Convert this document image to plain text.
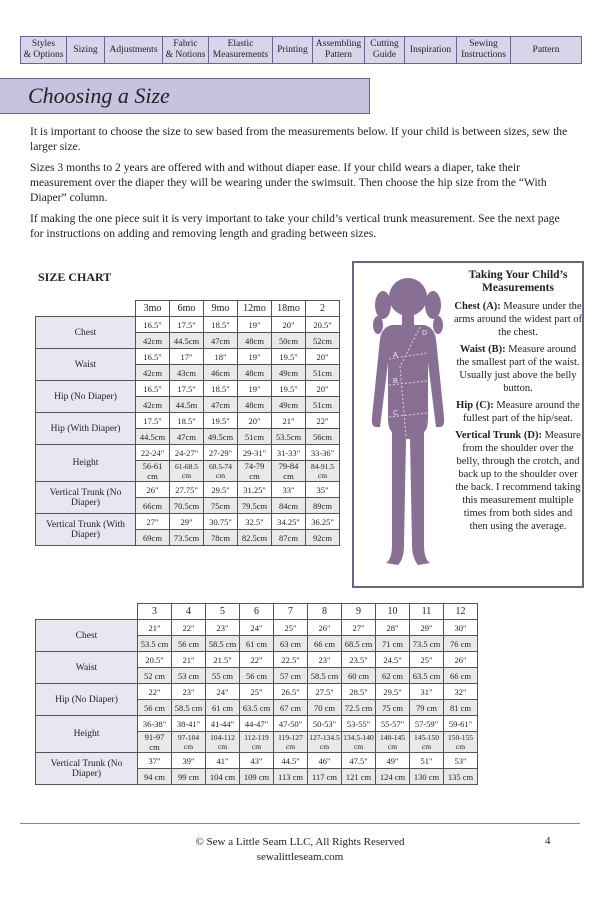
Styles
& Options
Sizing	Adjustments
Fabric
& Notions
Elastic
Measurements
Printing
Assembling
Pattern
Cutting
Guide
Inspiration
Sewing
Instructions
Pattern
Choosing a Size

It is important to choose the size to sew based from the measurements below. If your child is between sizes, sew the larger size.

Sizes 3 months to 2 years are offered with and without diaper ease. If your child wears a diaper, take their measurement over the diaper they will be wearing under the swimsuit. Then choose the hip size from the “With Diaper” column.

If making the one piece suit it is very important to take your child’s vertical trunk measurement. See the next page for instructions on adding and removing length and grading between sizes.

SIZE CHART
	3mo	6mo	9mo	12mo	18mo	2
Chest	16.5"	17.5"	18.5"	19"	20"	20.5"
	42cm	44.5cm	47cm	48cm	50cm	52cm
Waist	16.5"	17"	18"	19"	19.5"	20"
	42cm	43cm	46cm	48cm	49cm	51cm
Hip (No Diaper)	16.5"	17.5"	18.5"	19"	19.5"	20"
	42cm	44.5m	47cm	48cm	49cm	51cm
Hip (With Diaper)	17.5"	18.5"	19.5"	20"	21"	22"
	44.5cm	47cm	49.5cm	51cm	53.5cm	56cm
Height	22-24"	24-27"	27-29"	29-31"	31-33"	33-36"
	56-61 cm	61-68.5 cm	68.5-74 cm	74-79 cm	79-84 cm	84-91.5 cm
Vertical Trunk (No Diaper)	26"	27.75"	29.5"	31.25"	33"	35"
	66cm	70.5cm	75cm	79.5cm	84cm	89cm
Vertical Trunk (With Diaper)	27"	29"	30.75"	32.5"	34.25"	36.25"
	69cm	73.5cm	78cm	82.5cm	87cm	92cm
	3	4	5	6	7	8	9	10	11	12
Chest	21"	22"	23"	24"	25"	26"	27"	28"	29"	30"
	53.5 cm	56 cm	58.5 cm	61 cm	63 cm	66 cm	68.5 cm	71 cm	73.5 cm	76 cm
Waist	20.5"	21"	21.5"	22"	22.5"	23"	23.5"	24.5"	25"	26"
	52 cm	53 cm	55 cm	56 cm	57 cm	58.5 cm	60 cm	62 cm	63.5 cm	66 cm
Hip (No Diaper)	22"	23"	24"	25"	26.5"	27.5"	28.5"	29.5"	31"	32"
	56 cm	58.5 cm	61 cm	63.5 cm	67 cm	70 cm	72.5 cm	75 cm	79 cm	81 cm
Height	36-38"	38-41"	41-44"	44-47"	47-50"	50-53"	53-55"	55-57"	57-59"	59-61"
	91-97 cm	97-104 cm	104-112 cm	112-119 cm	119-127 cm	127-134.5 cm	134.5-140 cm	140-145 cm	145-150 cm	150-155 cm
Vertical Trunk (No Diaper)	37"	39"	41"	43"	44.5"	46"	47.5"	49"	51"	53"
	94 cm	99 cm	104 cm	109 cm	113 cm	117 cm	121 cm	124 cm	130 cm	135 cm
A
B
C
D
Taking Your Child’s Measurements

Chest (A): Measure under the arms around the widest part of the chest.

Waist (B): Measure around the smallest part of the waist. Usually just above the belly button.

Hip (C): Measure around the fullest part of the hip/seat.

Vertical Trunk (D): Measure from the shoulder over the belly, through the crotch, and back up to the shoulder over the back. I recommend taking this measurement multiple times from both sides and then using the average.

© Sew a Little Seam LLC, All Rights Reserved
sewalittleseam.com
4
